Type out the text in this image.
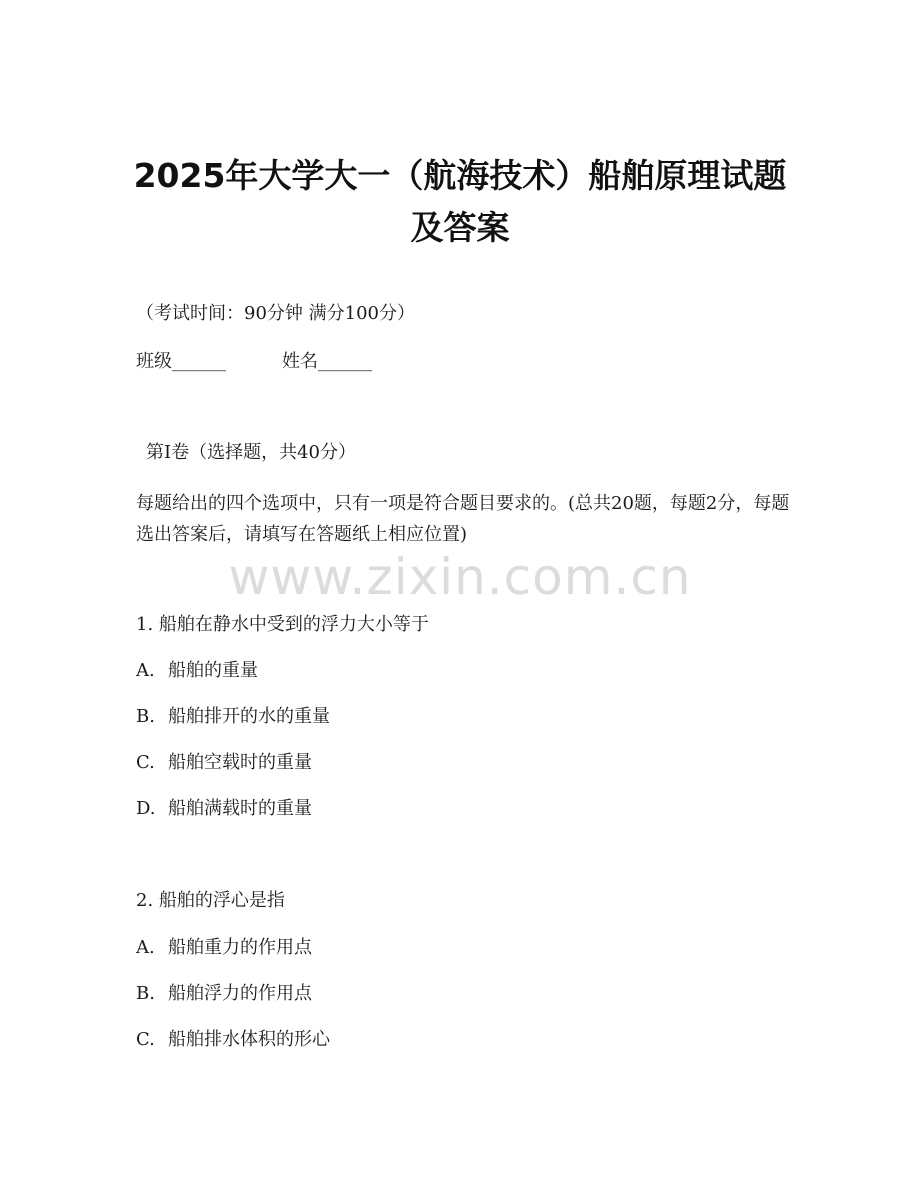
www.zixin.com.cn
2025年大学大一（航海技术）船舶原理试题
及答案
（考试时间：90分钟 满分100分）
班级______	姓名______
第Ⅰ卷（选择题，共40分）
每题给出的四个选项中，只有一项是符合题目要求的。(总共20题，每题2分，每题选出答案后，请填写在答题纸上相应位置)
1. 船舶在静水中受到的浮力大小等于
A. 船舶的重量
B. 船舶排开的水的重量
C. 船舶空载时的重量
D. 船舶满载时的重量
2. 船舶的浮心是指
A. 船舶重力的作用点
B. 船舶浮力的作用点
C. 船舶排水体积的形心
